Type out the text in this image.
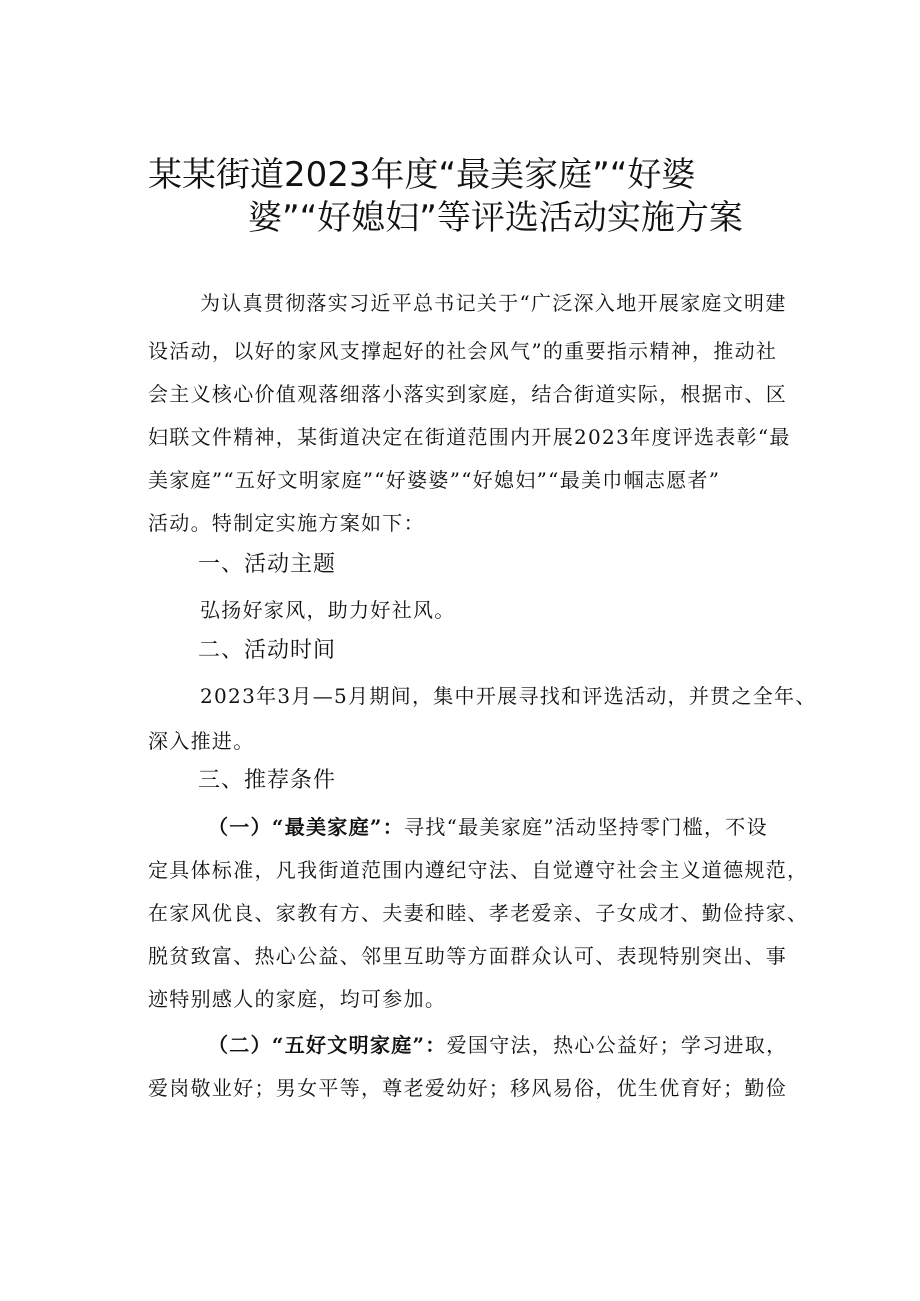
某某街道2023年度“最美家庭”“好婆
婆”“好媳妇”等评选活动实施方案
为认真贯彻落实习近平总书记关于“广泛深入地开展家庭文明建
设活动，以好的家风支撑起好的社会风气”的重要指示精神，推动社
会主义核心价值观落细落小落实到家庭，结合街道实际，根据市、区
妇联文件精神，某街道决定在街道范围内开展2023年度评选表彰“最
美家庭”“五好文明家庭”“好婆婆”“好媳妇”“最美巾帼志愿者”
活动。特制定实施方案如下：
一、活动主题
弘扬好家风，助力好社风。
二、活动时间
2023年3月—5月期间，集中开展寻找和评选活动，并贯之全年、
深入推进。
三、推荐条件
（一）“最美家庭”：寻找“最美家庭”活动坚持零门槛，不设
定具体标准，凡我街道范围内遵纪守法、自觉遵守社会主义道德规范，
在家风优良、家教有方、夫妻和睦、孝老爱亲、子女成才、勤俭持家、
脱贫致富、热心公益、邻里互助等方面群众认可、表现特别突出、事
迹特别感人的家庭，均可参加。
（二）“五好文明家庭”：爱国守法，热心公益好；学习进取，
爱岗敬业好；男女平等，尊老爱幼好；移风易俗，优生优育好；勤俭
